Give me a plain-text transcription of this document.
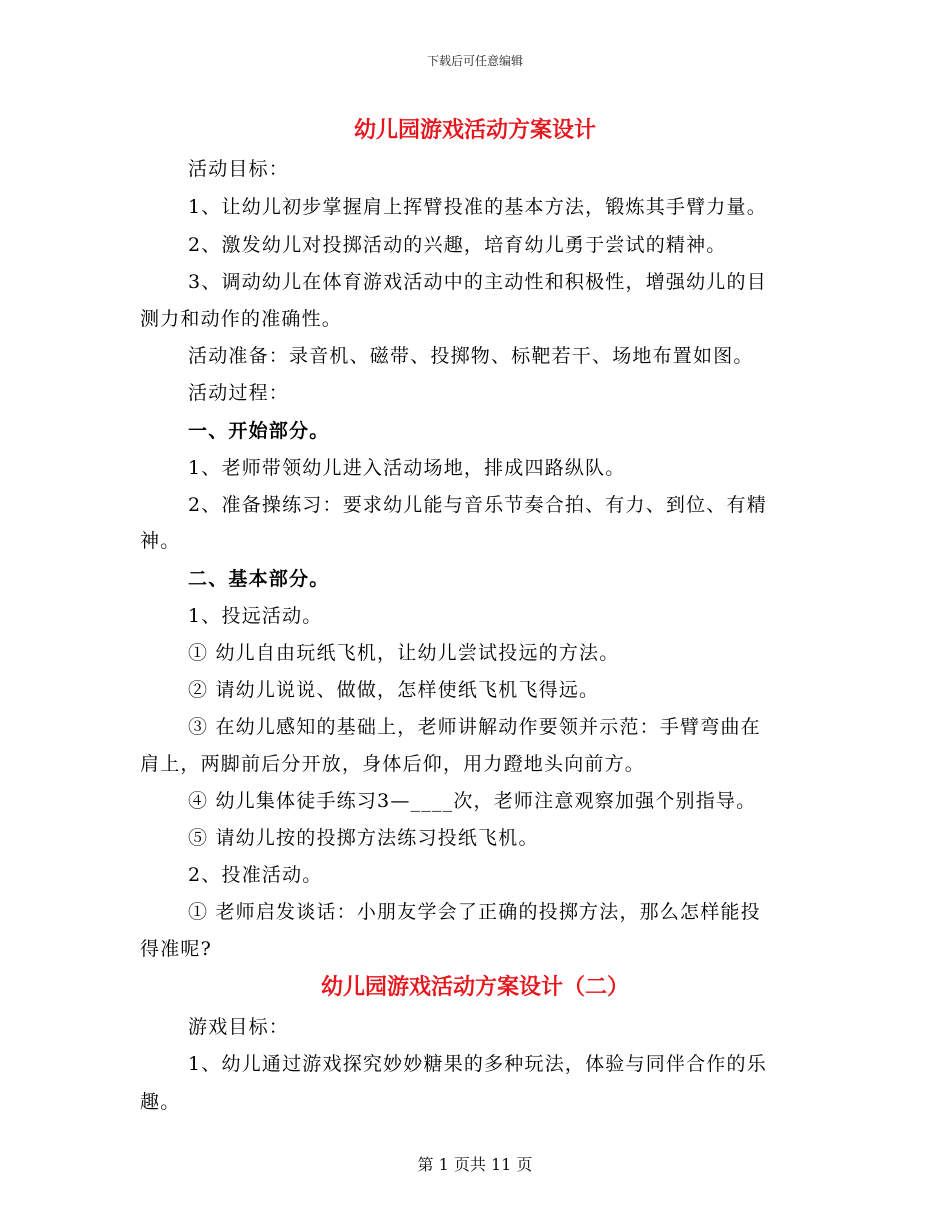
下载后可任意编辑
幼儿园游戏活动方案设计
活动目标：
1、让幼儿初步掌握肩上挥臂投准的基本方法，锻炼其手臂力量。
2、激发幼儿对投掷活动的兴趣，培育幼儿勇于尝试的精神。
3、调动幼儿在体育游戏活动中的主动性和积极性，增强幼儿的目
测力和动作的准确性。
活动准备：录音机、磁带、投掷物、标靶若干、场地布置如图。
活动过程：
一、开始部分。
1、老师带领幼儿进入活动场地，排成四路纵队。
2、准备操练习：要求幼儿能与音乐节奏合拍、有力、到位、有精
神。
二、基本部分。
1、投远活动。
① 幼儿自由玩纸飞机，让幼儿尝试投远的方法。
② 请幼儿说说、做做，怎样使纸飞机飞得远。
③ 在幼儿感知的基础上，老师讲解动作要领并示范：手臂弯曲在
肩上，两脚前后分开放，身体后仰，用力蹬地头向前方。
④ 幼儿集体徒手练习3—____次，老师注意观察加强个别指导。
⑤ 请幼儿按的投掷方法练习投纸飞机。
2、投准活动。
① 老师启发谈话：小朋友学会了正确的投掷方法，那么怎样能投
得准呢?
幼儿园游戏活动方案设计（二）
游戏目标：
1、幼儿通过游戏探究妙妙糖果的多种玩法，体验与同伴合作的乐
趣。
第 1 页共 11 页
